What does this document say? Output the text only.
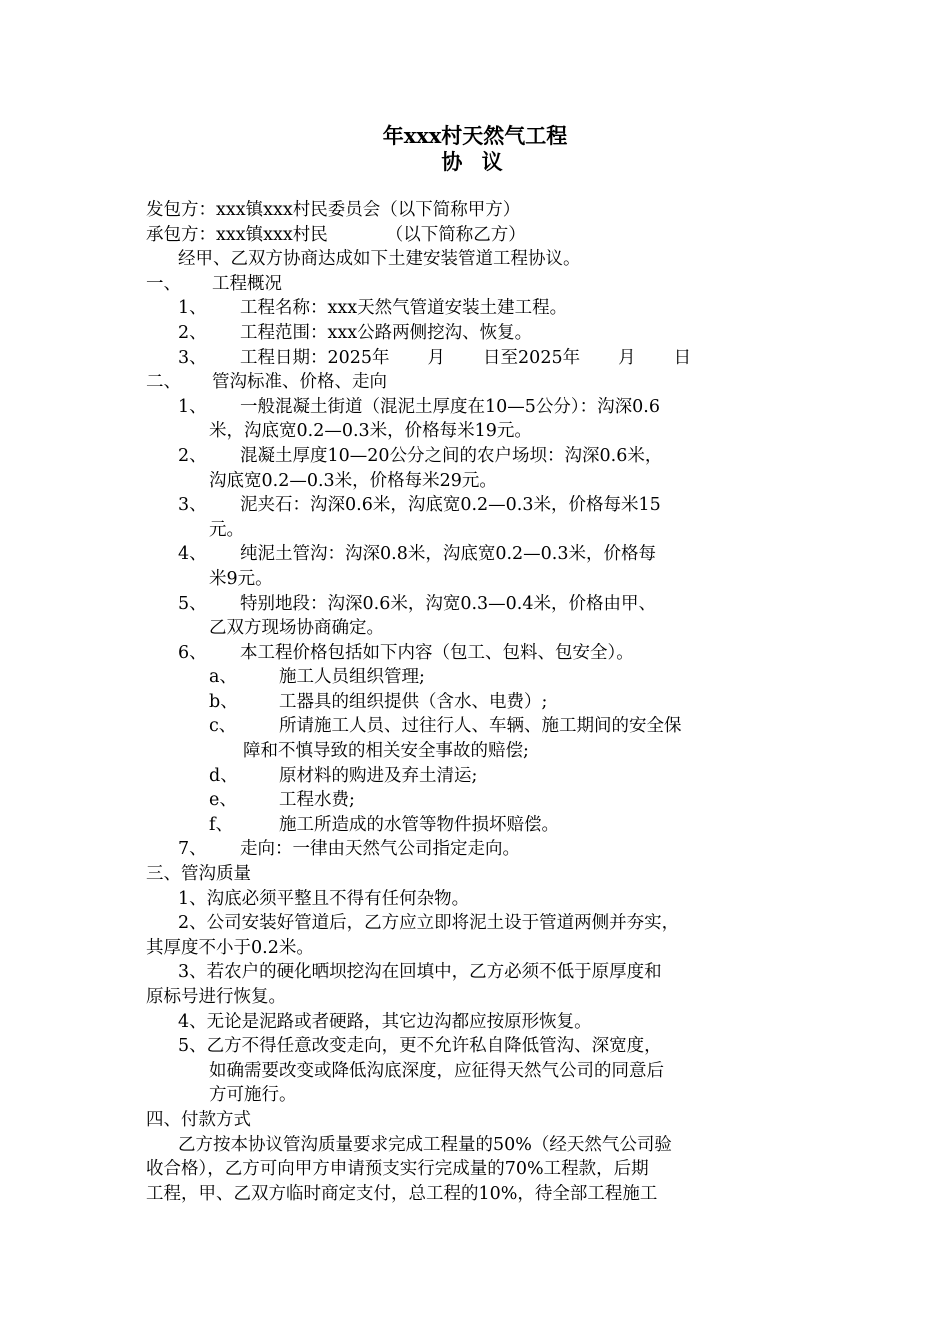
年xxx村天然气工程
协 议
发包方：xxx镇xxx村民委员会（以下简称甲方）
承包方：xxx镇xxx村民	（以下简称乙方）
经甲、乙双方协商达成如下土建安装管道工程协议。
一、 工程概况
1、 工程名称：xxx天然气管道安装土建工程。
2、 工程范围：xxx公路两侧挖沟、恢复。
3、 工程日期：2025年 月 日至2025年 月 日
二、 管沟标准、价格、走向
1、 一般混凝土街道（混泥土厚度在10—5公分）：沟深0.6
米，沟底宽0.2—0.3米，价格每米19元。
2、 混凝土厚度10—20公分之间的农户场坝：沟深0.6米，
沟底宽0.2—0.3米，价格每米29元。
3、 泥夹石：沟深0.6米，沟底宽0.2—0.3米，价格每米15
元。
4、 纯泥土管沟：沟深0.8米，沟底宽0.2—0.3米，价格每
米9元。
5、 特别地段：沟深0.6米，沟宽0.3—0.4米，价格由甲、
乙双方现场协商确定。
6、 本工程价格包括如下内容（包工、包料、包安全）。
a、 施工人员组织管理;
b、 工器具的组织提供（含水、电费）;
c、 所请施工人员、过往行人、车辆、施工期间的安全保
障和不慎导致的相关安全事故的赔偿;
d、 原材料的购进及弃土清运;
e、 工程水费;
f、	施工所造成的水管等物件损坏赔偿。
7、 走向：一律由天然气公司指定走向。
三、管沟质量
1、沟底必须平整且不得有任何杂物。
2、公司安装好管道后，乙方应立即将泥土设于管道两侧并夯实，
其厚度不小于0.2米。
3、若农户的硬化晒坝挖沟在回填中，乙方必须不低于原厚度和
原标号进行恢复。
4、无论是泥路或者硬路，其它边沟都应按原形恢复。
5、乙方不得任意改变走向，更不允许私自降低管沟、深宽度，
如确需要改变或降低沟底深度，应征得天然气公司的同意后
方可施行。
四、付款方式
乙方按本协议管沟质量要求完成工程量的50%（经天然气公司验
收合格），乙方可向甲方申请预支实行完成量的70%工程款，后期
工程，甲、乙双方临时商定支付，总工程的10%，待全部工程施工
